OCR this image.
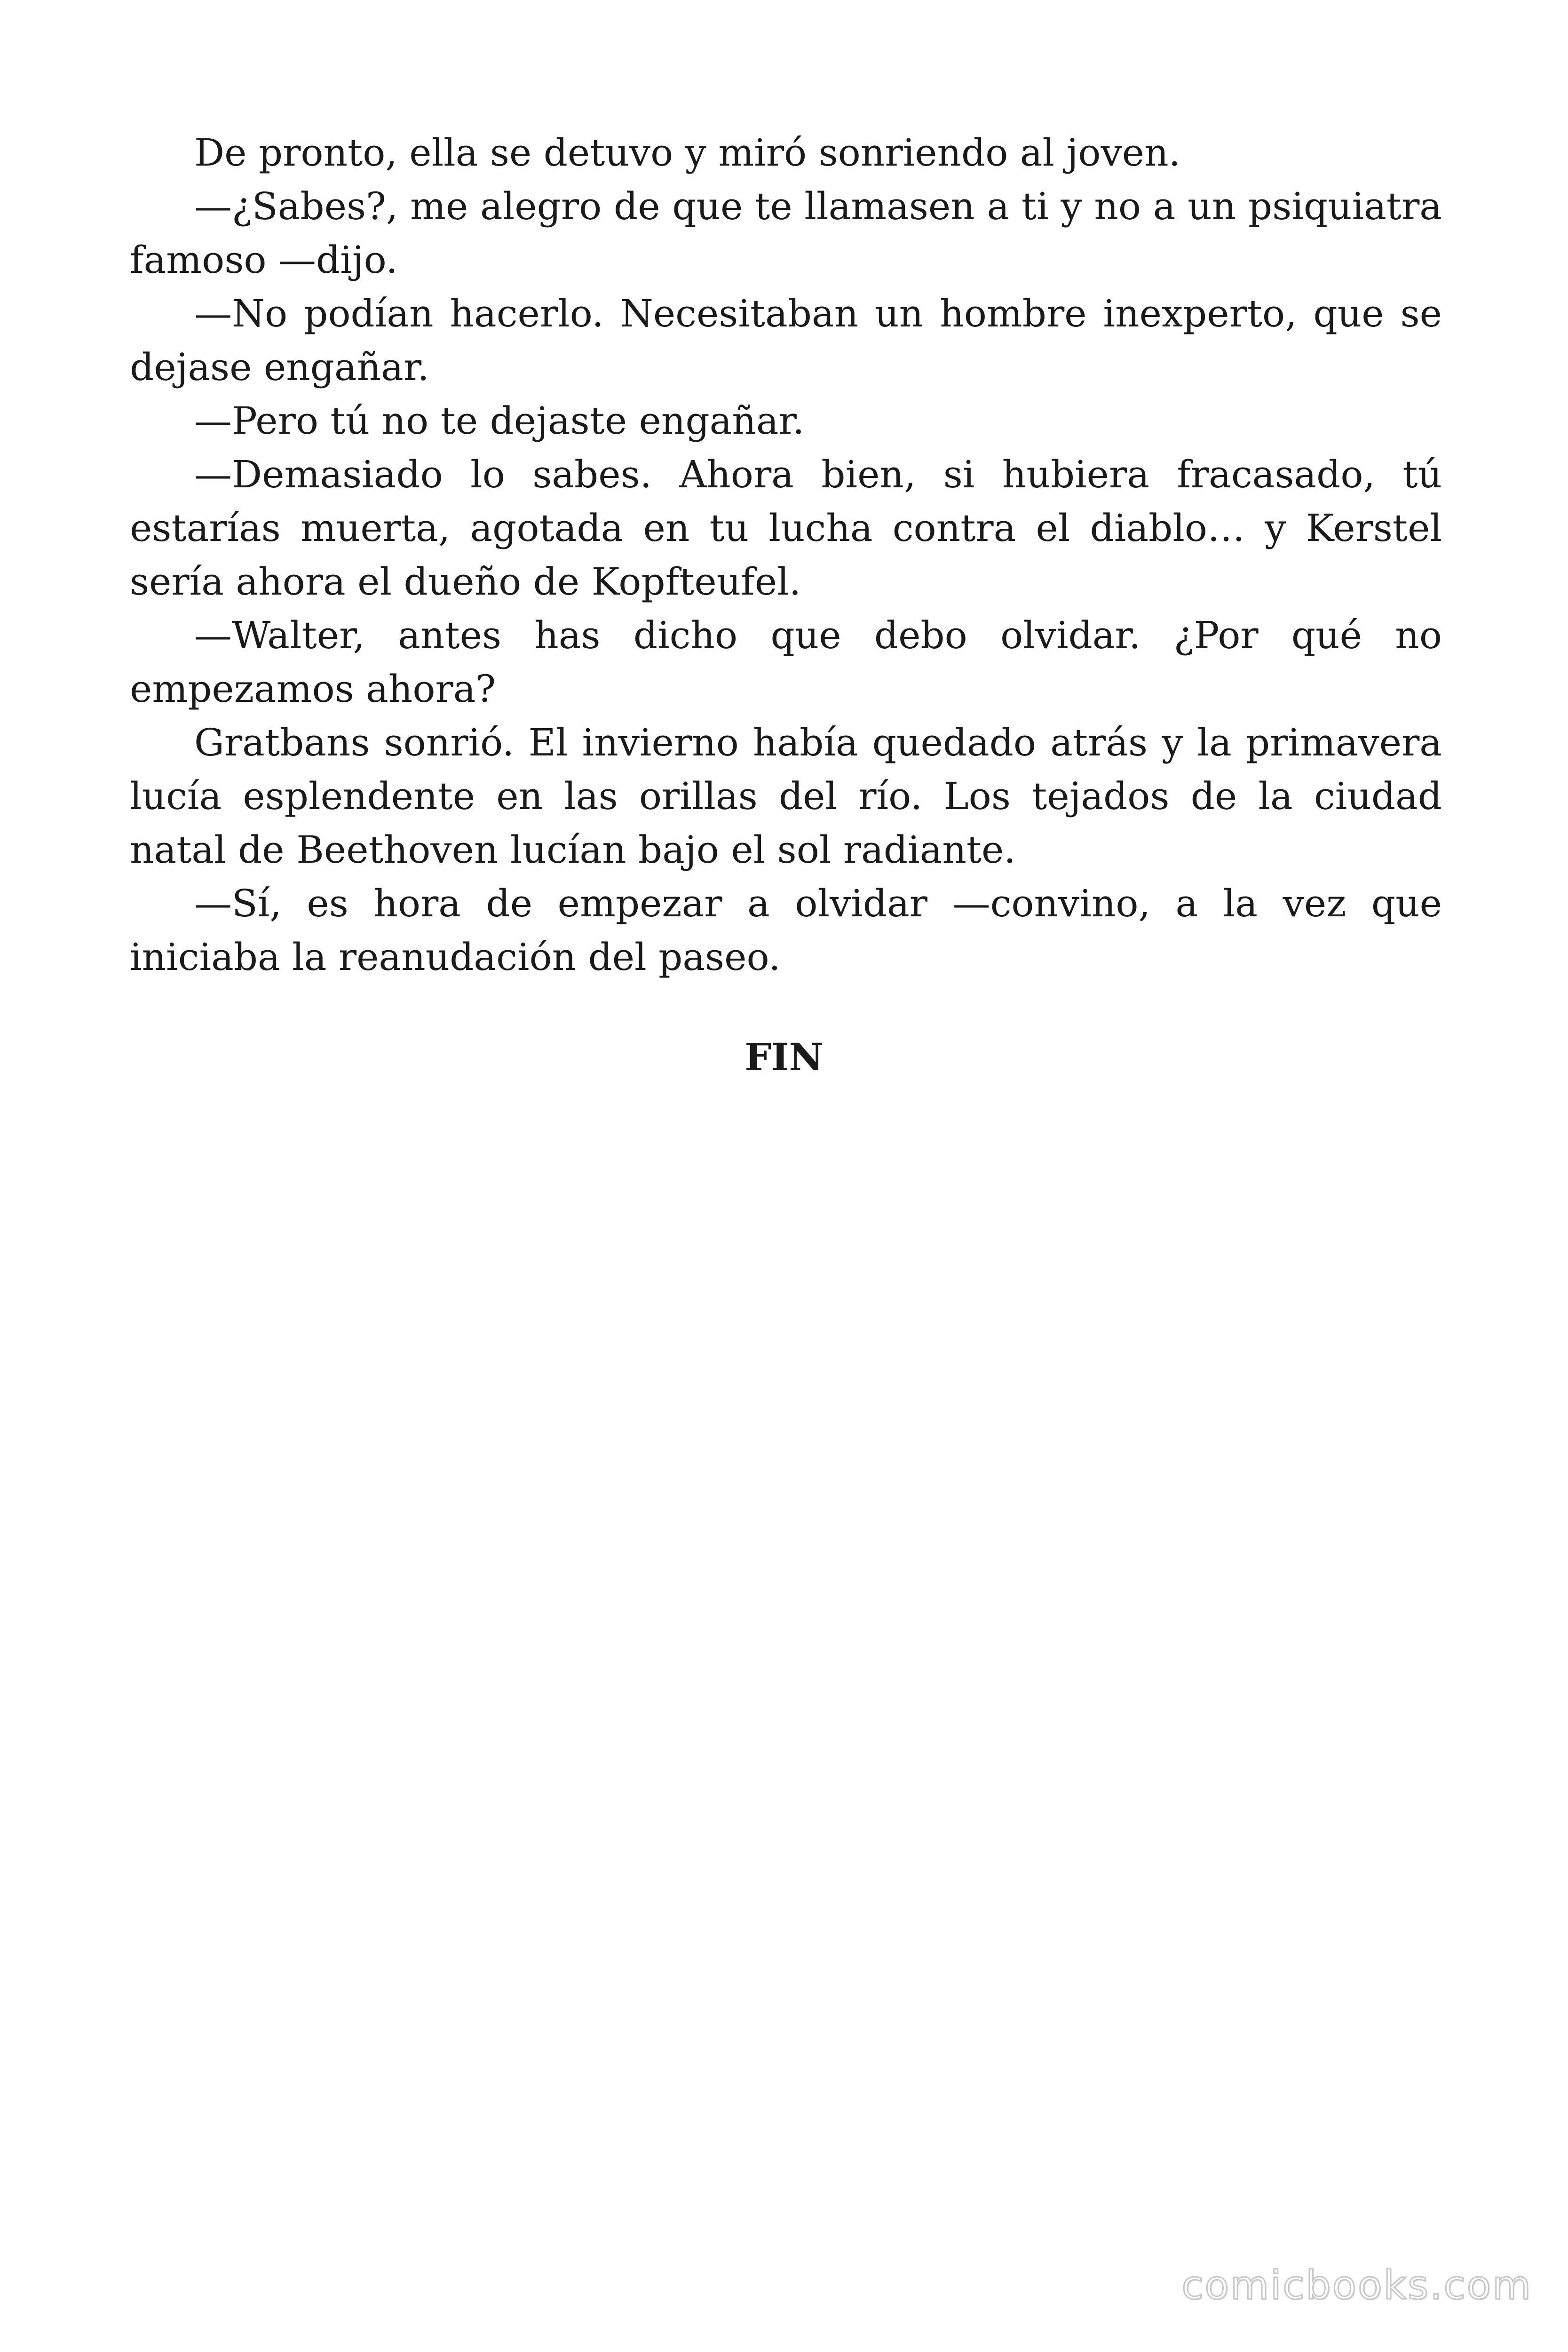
De pronto, ella se detuvo y miró sonriendo al joven.

—¿Sabes?, me alegro de que te llamasen a ti y no a un psiquiatra famoso —dijo.

—No podían hacerlo. Necesitaban un hombre inexperto, que se dejase engañar.

—Pero tú no te dejaste engañar.

—Demasiado lo sabes. Ahora bien, si hubiera fracasado, tú estarías muerta, agotada en tu lucha contra el diablo… y Kerstel sería ahora el dueño de Kopfteufel.

—Walter, antes has dicho que debo olvidar. ¿Por qué no empezamos ahora?

Gratbans sonrió. El invierno había quedado atrás y la primavera lucía esplendente en las orillas del río. Los tejados de la ciudad natal de Beethoven lucían bajo el sol radiante.

—Sí, es hora de empezar a olvidar —convino, a la vez que iniciaba la reanudación del paseo.

FIN

comicbooks.com
